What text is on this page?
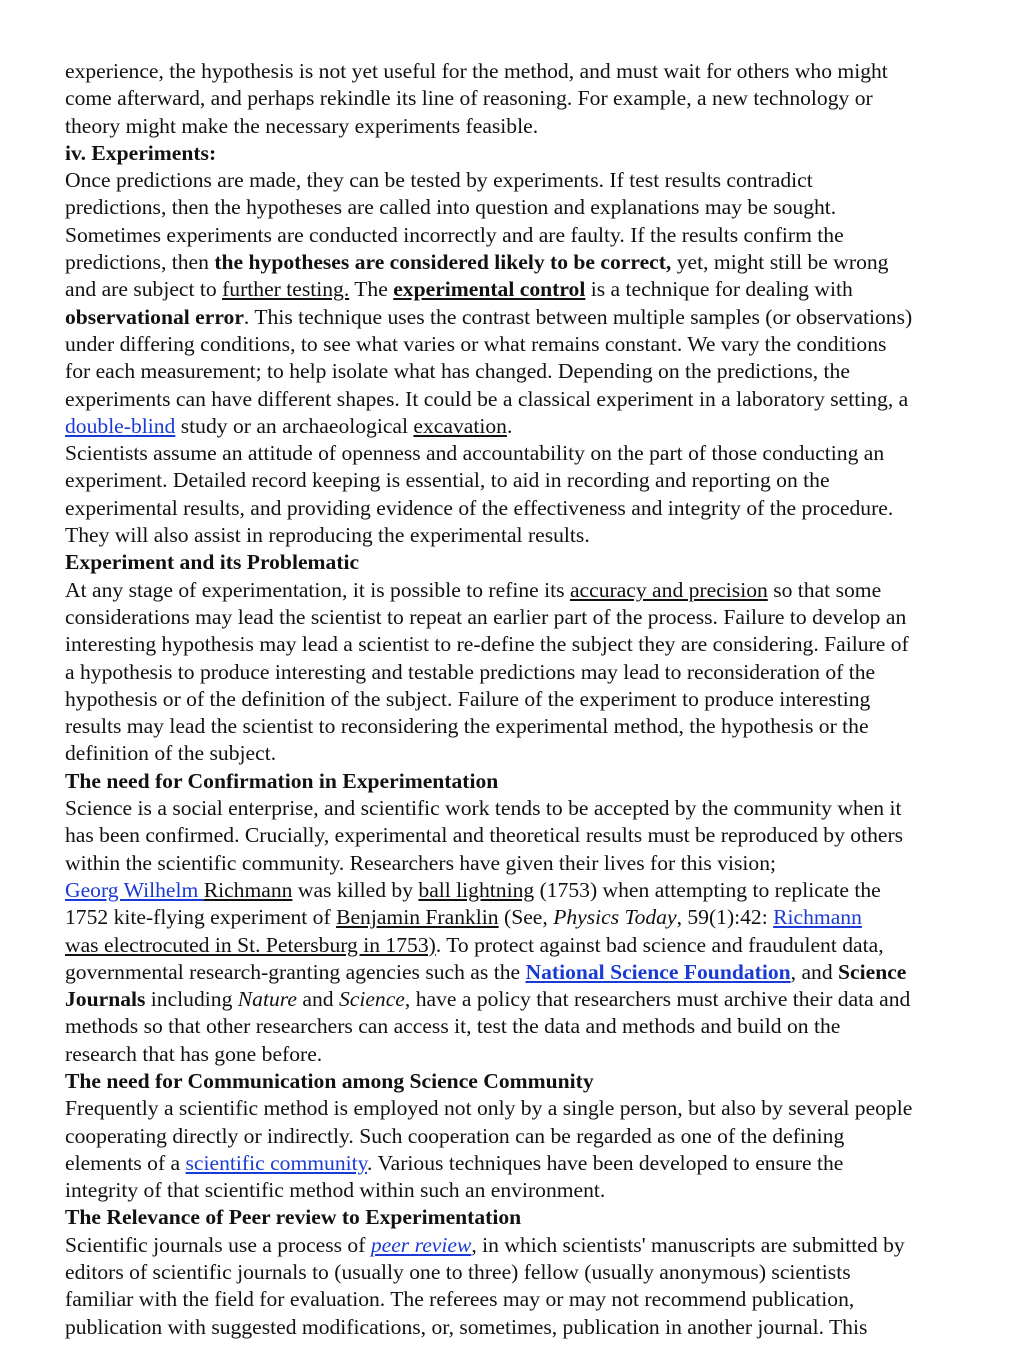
experience, the hypothesis is not yet useful for the method, and must wait for others who might
come afterward, and perhaps rekindle its line of reasoning. For example, a new technology or
theory might make the necessary experiments feasible.

iv. Experiments:

Once predictions are made, they can be tested by experiments. If test results contradict
predictions, then the hypotheses are called into question and explanations may be sought.
Sometimes experiments are conducted incorrectly and are faulty. If the results confirm the
predictions, then the hypotheses are considered likely to be correct, yet, might still be wrong
and are subject to further testing. The experimental control is a technique for dealing with
observational error. This technique uses the contrast between multiple samples (or observations)
under differing conditions, to see what varies or what remains constant. We vary the conditions
for each measurement; to help isolate what has changed. Depending on the predictions, the
experiments can have different shapes. It could be a classical experiment in a laboratory setting, a
double-blind study or an archaeological excavation.

Scientists assume an attitude of openness and accountability on the part of those conducting an
experiment. Detailed record keeping is essential, to aid in recording and reporting on the
experimental results, and providing evidence of the effectiveness and integrity of the procedure.
They will also assist in reproducing the experimental results.

Experiment and its Problematic

At any stage of experimentation, it is possible to refine its accuracy and precision so that some
considerations may lead the scientist to repeat an earlier part of the process. Failure to develop an
interesting hypothesis may lead a scientist to re-define the subject they are considering. Failure of
a hypothesis to produce interesting and testable predictions may lead to reconsideration of the
hypothesis or of the definition of the subject. Failure of the experiment to produce interesting
results may lead the scientist to reconsidering the experimental method, the hypothesis or the
definition of the subject.

The need for Confirmation in Experimentation

Science is a social enterprise, and scientific work tends to be accepted by the community when it
has been confirmed. Crucially, experimental and theoretical results must be reproduced by others
within the scientific community. Researchers have given their lives for this vision;
Georg Wilhelm Richmann was killed by ball lightning (1753) when attempting to replicate the
1752 kite-flying experiment of Benjamin Franklin (See, Physics Today, 59(1):42: Richmann
was electrocuted in St. Petersburg in 1753). To protect against bad science and fraudulent data,
governmental research-granting agencies such as the National Science Foundation, and Science
Journals including Nature and Science, have a policy that researchers must archive their data and
methods so that other researchers can access it, test the data and methods and build on the
research that has gone before.

The need for Communication among Science Community

Frequently a scientific method is employed not only by a single person, but also by several people
cooperating directly or indirectly. Such cooperation can be regarded as one of the defining
elements of a scientific community. Various techniques have been developed to ensure the
integrity of that scientific method within such an environment.

The Relevance of Peer review to Experimentation

Scientific journals use a process of peer review, in which scientists' manuscripts are submitted by
editors of scientific journals to (usually one to three) fellow (usually anonymous) scientists
familiar with the field for evaluation. The referees may or may not recommend publication,
publication with suggested modifications, or, sometimes, publication in another journal. This
